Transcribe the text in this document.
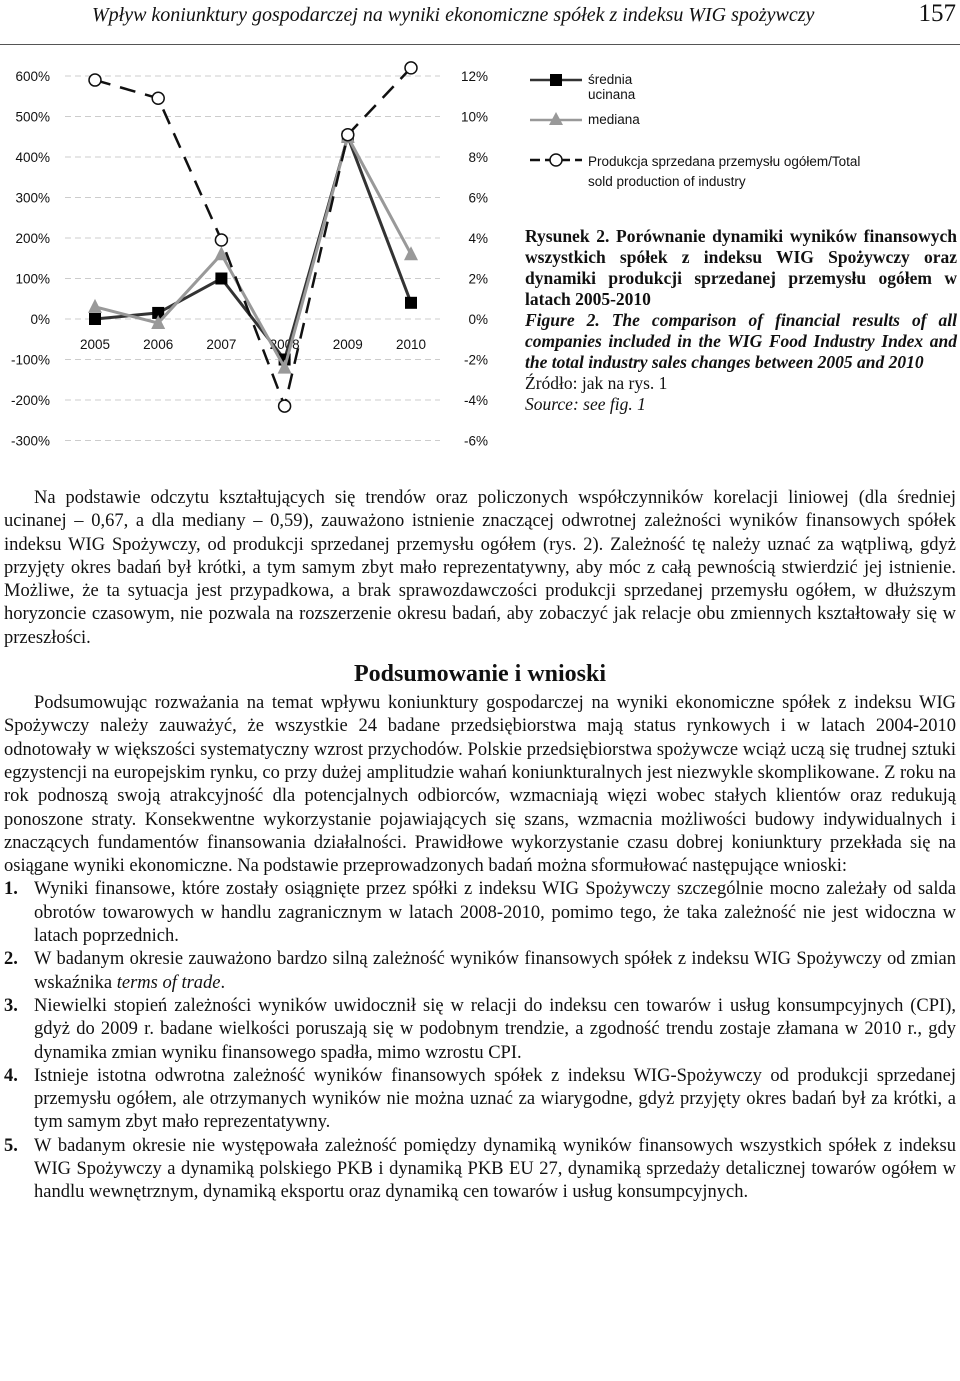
Wpływ koniunktury gospodarczej na wyniki ekonomiczne spółek z indeksu WIG spożywczy	157
600%
500%
400%
300%
200%
100%
0%
-100%
-200%
-300%
12%
10%
8%
6%
4%
2%
0%
-2%
-4%
-6%
2005 2006 2007 2008 2009 2010
średnia ucinana
mediana
Produkcja sprzedana przemysłu ogółem/Total sold production of industry
Rysunek 2. Porównanie dynamiki wyników finansowych wszystkich spółek z indeksu WIG Spożywczy oraz dynamiki produkcji sprzedanej przemysłu ogółem w latach 2005-2010
Figure 2. The comparison of financial results of all companies included in the WIG Food Industry Index and the total industry sales changes between 2005 and 2010
Źródło: jak na rys. 1
Source: see fig. 1

Na podstawie odczytu kształtujących się trendów oraz policzonych współczynników korelacji liniowej (dla średniej ucinanej – 0,67, a dla mediany – 0,59), zauważono istnienie znaczącej odwrotnej zależności wyników finansowych spółek indeksu WIG Spożywczy, od produkcji sprzedanej przemysłu ogółem (rys. 2). Zależność tę należy uznać za wątpliwą, gdyż przyjęty okres badań był krótki, a tym samym zbyt mało reprezentatywny, aby móc z całą pewnością stwierdzić jej istnienie. Możliwe, że ta sytuacja jest przypadkowa, a brak sprawozdawczości produkcji sprzedanej przemysłu ogółem, w dłuższym horyzoncie czasowym, nie pozwala na rozszerzenie okresu badań, aby zobaczyć jak relacje obu zmiennych kształtowały się w przeszłości.

Podsumowanie i wnioski

Podsumowując rozważania na temat wpływu koniunktury gospodarczej na wyniki ekonomiczne spółek z indeksu WIG Spożywczy należy zauważyć, że wszystkie 24 badane przedsiębiorstwa mają status rynkowych i w latach 2004-2010 odnotowały w większości systematyczny wzrost przychodów. Polskie przedsiębiorstwa spożywcze wciąż uczą się trudnej sztuki egzystencji na europejskim rynku, co przy dużej amplitudzie wahań koniunkturalnych jest niezwykle skomplikowane. Z roku na rok podnoszą swoją atrakcyjność dla potencjalnych odbiorców, wzmacniają więzi wobec stałych klientów oraz redukują ponoszone straty. Konsekwentne wykorzystanie pojawiających się szans, wzmacnia możliwości budowy indywidualnych i znaczących fundamentów finansowania działalności. Prawidłowe wykorzystanie czasu dobrej koniunktury przekłada się na osiągane wyniki ekonomiczne. Na podstawie przeprowadzonych badań można sformułować następujące wnioski:

1. Wyniki finansowe, które zostały osiągnięte przez spółki z indeksu WIG Spożywczy szczególnie mocno zależały od salda obrotów towarowych w handlu zagranicznym w latach 2008-2010, pomimo tego, że taka zależność nie jest widoczna w latach poprzednich.
2. W badanym okresie zauważono bardzo silną zależność wyników finansowych spółek z indeksu WIG Spożywczy od zmian wskaźnika terms of trade.
3. Niewielki stopień zależności wyników uwidocznił się w relacji do indeksu cen towarów i usług konsumpcyjnych (CPI), gdyż do 2009 r. badane wielkości poruszają się w podobnym trendzie, a zgodność trendu zostaje złamana w 2010 r., gdy dynamika zmian wyniku finansowego spadła, mimo wzrostu CPI.
4. Istnieje istotna odwrotna zależność wyników finansowych spółek z indeksu WIG-Spożywczy od produkcji sprzedanej przemysłu ogółem, ale otrzymanych wyników nie można uznać za wiarygodne, gdyż przyjęty okres badań był za krótki, a tym samym zbyt mało reprezentatywny.
5. W badanym okresie nie występowała zależność pomiędzy dynamiką wyników finansowych wszystkich spółek z indeksu WIG Spożywczy a dynamiką polskiego PKB i dynamiką PKB EU 27, dynamiką sprzedaży detalicznej towarów ogółem w handlu wewnętrznym, dynamiką eksportu oraz dynamiką cen towarów i usług konsumpcyjnych.
